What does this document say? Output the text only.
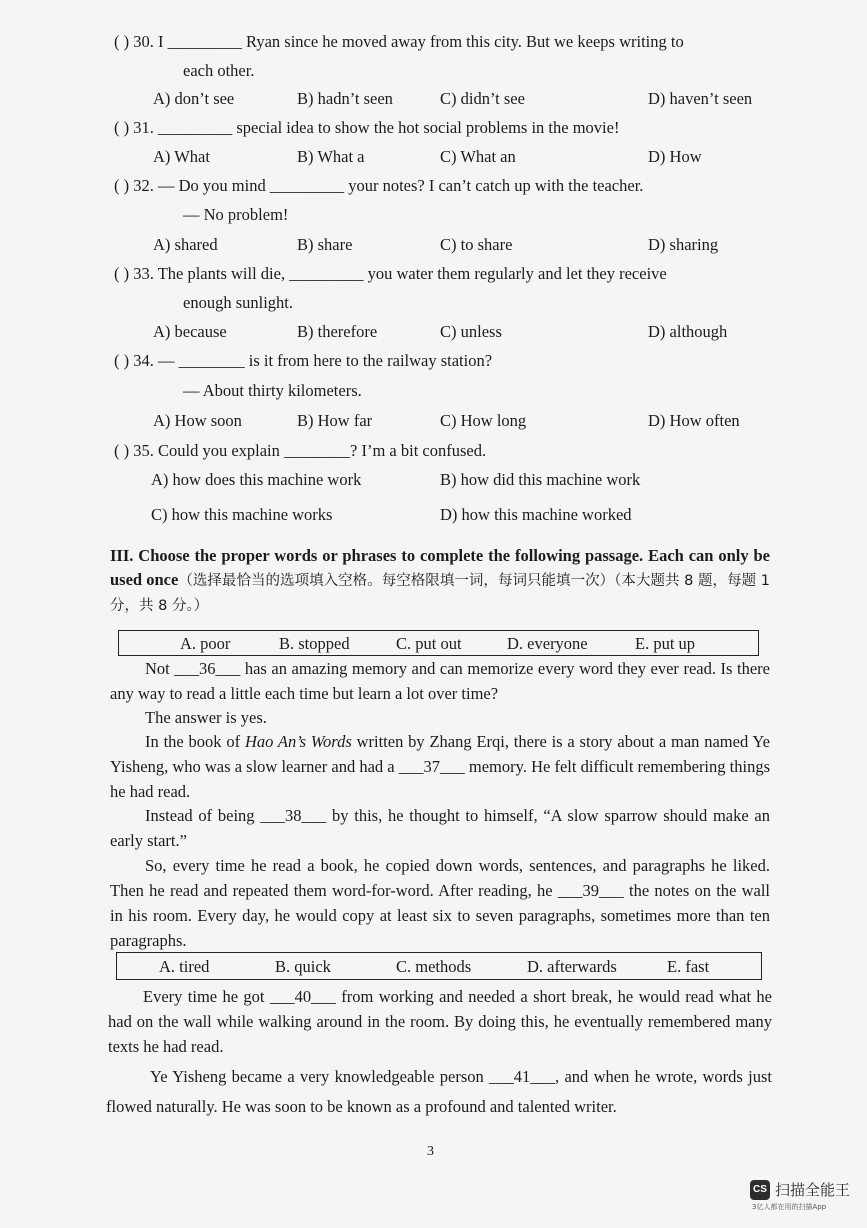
( ) 30. I _________ Ryan since he moved away from this city. But we keeps writing to
each other.
A) don’t see	B) hadn’t seen	C) didn’t see	D) haven’t seen
( ) 31. _________ special idea to show the hot social problems in the movie!
A) What	B) What a	C) What an	D) How
( ) 32. — Do you mind _________ your notes? I can’t catch up with the teacher.
— No problem!
A) shared	B) share	C) to share	D) sharing
( ) 33. The plants will die, _________ you water them regularly and let they receive
enough sunlight.
A) because	B) therefore	C) unless	D) although
( ) 34. — ________ is it from here to the railway station?
— About thirty kilometers.
A) How soon	B) How far	C) How long	D) How often
( ) 35. Could you explain ________? I’m a bit confused.
A) how does this machine work	B) how did this machine work
C) how this machine works	D) how this machine worked
III. Choose the proper words or phrases to complete the following passage. Each can only be used once（选择最恰当的选项填入空格。每空格限填一词，每词只能填一次）（本大题共 8 题，每题 1 分，共 8 分。）
A. poor	B. stopped	C. put out	D. everyone	E. put up
Not ___36___ has an amazing memory and can memorize every word they ever read. Is there any way to read a little each time but learn a lot over time?
The answer is yes.
In the book of Hao An’s Words written by Zhang Erqi, there is a story about a man named Ye Yisheng, who was a slow learner and had a ___37___ memory. He felt difficult remembering things he had read.
Instead of being ___38___ by this, he thought to himself, “A slow sparrow should make an early start.”
So, every time he read a book, he copied down words, sentences, and paragraphs he liked. Then he read and repeated them word-for-word. After reading, he ___39___ the notes on the wall in his room. Every day, he would copy at least six to seven paragraphs, sometimes more than ten paragraphs.
A. tired	B. quick	C. methods	D. afterwards	E. fast
Every time he got ___40___ from working and needed a short break, he would read what he had on the wall while walking around in the room. By doing this, he eventually remembered many texts he had read.
Ye Yisheng became a very knowledgeable person ___41___, and when he wrote, words just flowed naturally. He was soon to be known as a profound and talented writer.
3
CS 扫描全能王
3亿人都在用的扫描App
